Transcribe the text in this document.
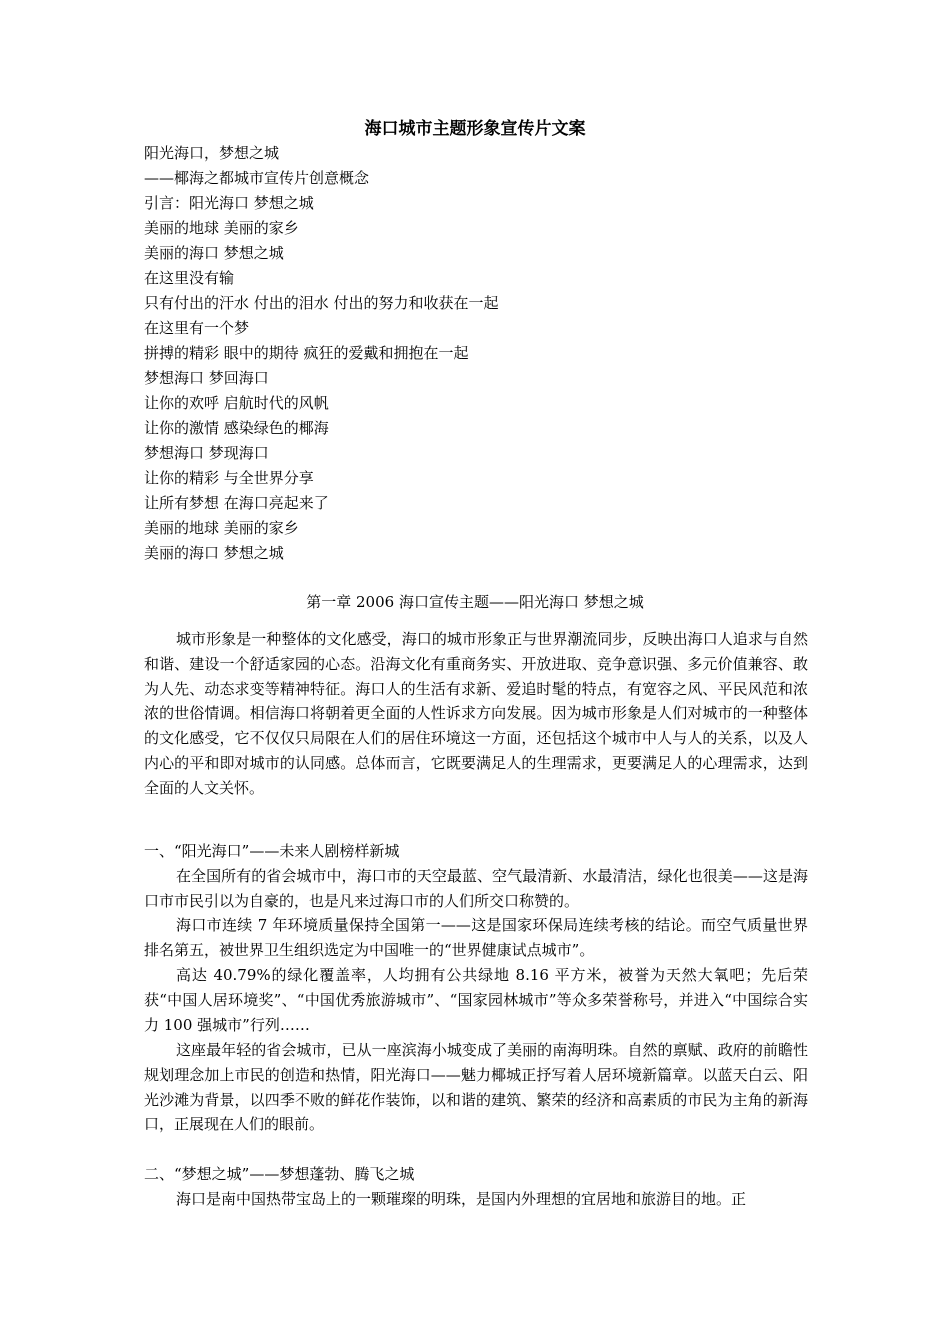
海口城市主题形象宣传片文案
阳光海口，梦想之城
——椰海之都城市宣传片创意概念
引言：阳光海口 梦想之城
美丽的地球 美丽的家乡
美丽的海口 梦想之城
在这里没有输
只有付出的汗水 付出的泪水 付出的努力和收获在一起
在这里有一个梦
拼搏的精彩 眼中的期待 疯狂的爱戴和拥抱在一起
梦想海口 梦回海口
让你的欢呼 启航时代的风帆
让你的激情 感染绿色的椰海
梦想海口 梦现海口
让你的精彩 与全世界分享
让所有梦想 在海口亮起来了
美丽的地球 美丽的家乡
美丽的海口 梦想之城
第一章 2006 海口宣传主题——阳光海口 梦想之城

城市形象是一种整体的文化感受，海口的城市形象正与世界潮流同步，反映出海口人追求与自然和谐、建设一个舒适家园的心态。沿海文化有重商务实、开放进取、竞争意识强、多元价值兼容、敢为人先、动态求变等精神特征。海口人的生活有求新、爱追时髦的特点，有宽容之风、平民风范和浓浓的世俗情调。相信海口将朝着更全面的人性诉求方向发展。因为城市形象是人们对城市的一种整体的文化感受，它不仅仅只局限在人们的居住环境这一方面，还包括这个城市中人与人的关系，以及人内心的平和即对城市的认同感。总体而言，它既要满足人的生理需求，更要满足人的心理需求，达到全面的人文关怀。

一、“阳光海口”——未来人剧榜样新城

在全国所有的省会城市中，海口市的天空最蓝、空气最清新、水最清洁，绿化也很美——这是海口市市民引以为自豪的，也是凡来过海口市的人们所交口称赞的。

海口市连续 7 年环境质量保持全国第一——这是国家环保局连续考核的结论。而空气质量世界排名第五，被世界卫生组织选定为中国唯一的“世界健康试点城市”。

高达 40.79%的绿化覆盖率，人均拥有公共绿地 8.16 平方米，被誉为天然大氧吧；先后荣获“中国人居环境奖”、“中国优秀旅游城市”、“国家园林城市”等众多荣誉称号，并进入“中国综合实力 100 强城市”行列……

这座最年轻的省会城市，已从一座滨海小城变成了美丽的南海明珠。自然的禀赋、政府的前瞻性规划理念加上市民的创造和热情，阳光海口——魅力椰城正抒写着人居环境新篇章。以蓝天白云、阳光沙滩为背景，以四季不败的鲜花作装饰，以和谐的建筑、繁荣的经济和高素质的市民为主角的新海口，正展现在人们的眼前。

二、“梦想之城”——梦想蓬勃、腾飞之城

海口是南中国热带宝岛上的一颗璀璨的明珠，是国内外理想的宜居地和旅游目的地。正
